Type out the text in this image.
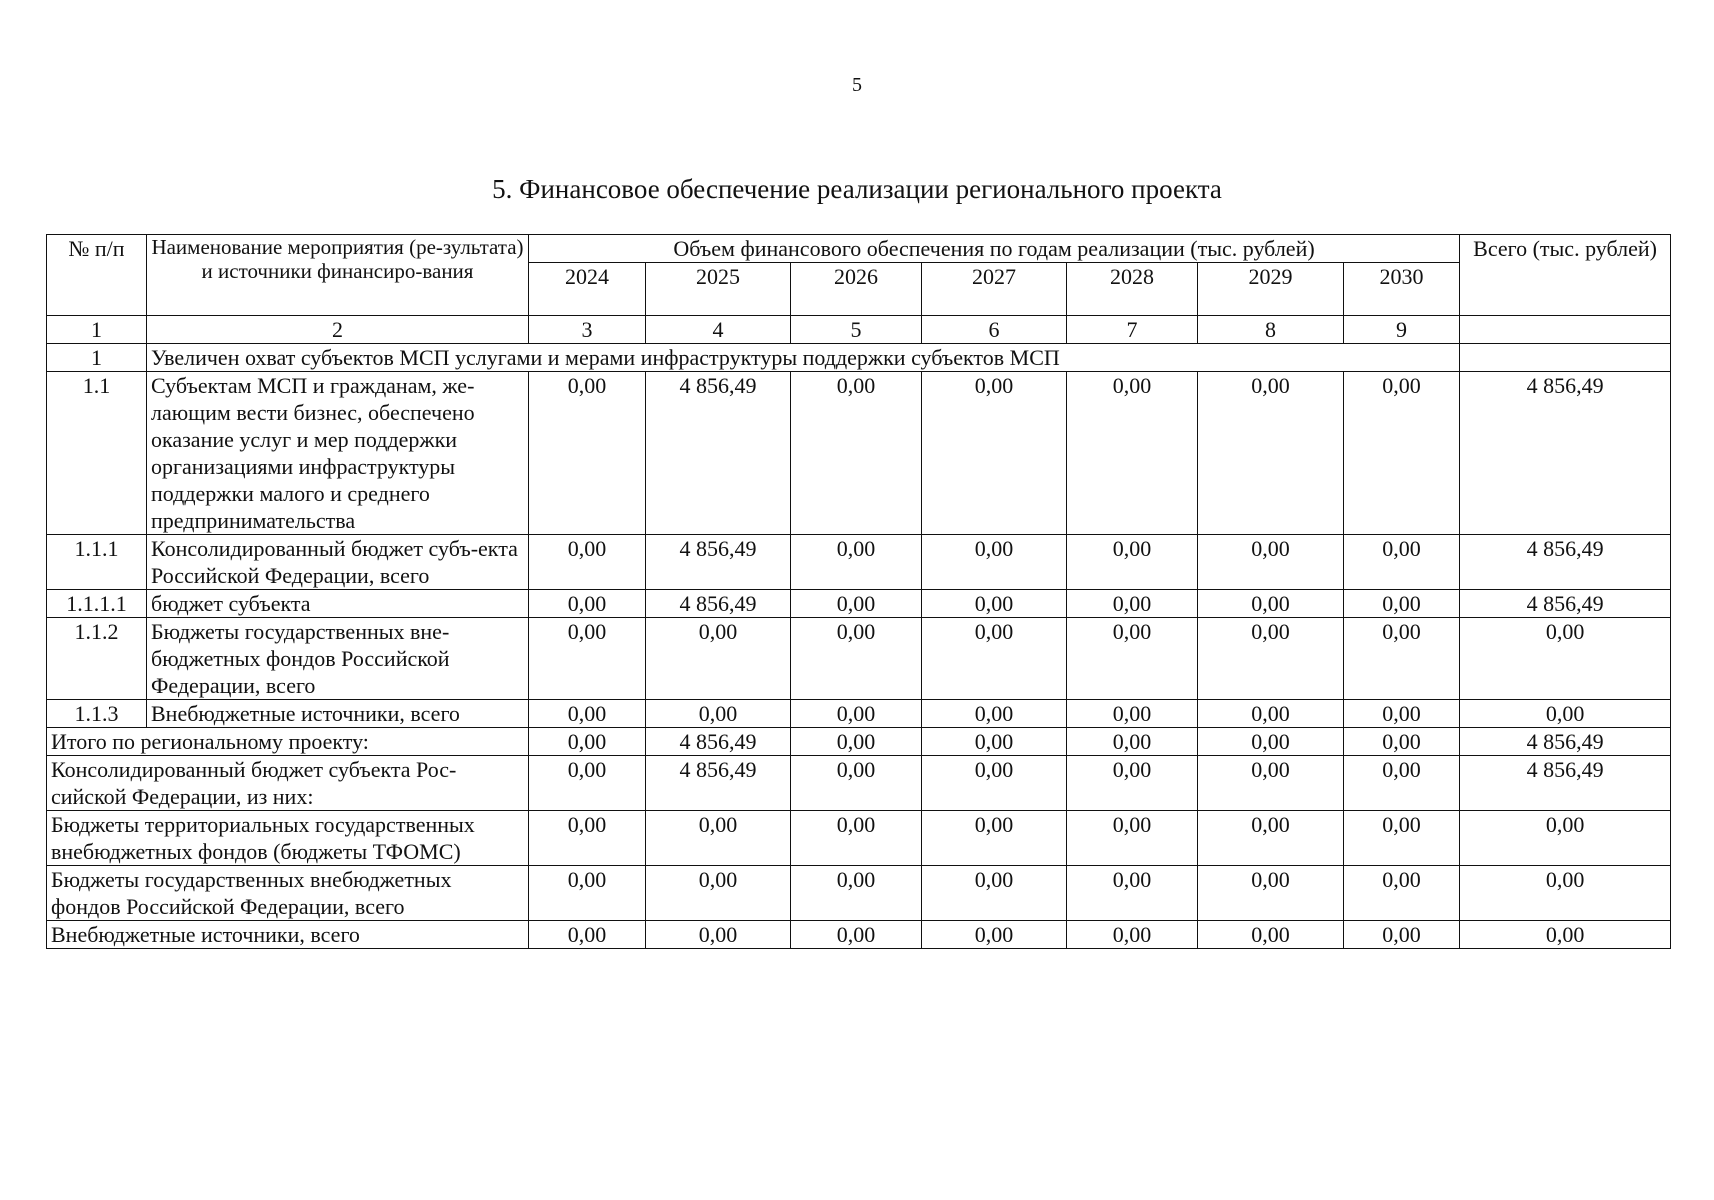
5
5. Финансовое обеспечение реализации регионального проекта
№ п/п	Наименование мероприятия (ре-зультата) и источники финансиро-вания	Объем финансового обеспечения по годам реализации (тыс. рублей)							Всего (тыс. рублей)
		2024	2025	2026	2027	2028	2029	2030	
1	2	3	4	5	6	7	8	9	
1	Увеличен охват субъектов МСП услугами и мерами инфраструктуры поддержки субъектов МСП								
1.1	Субъектам МСП и гражданам, же-лающим вести бизнес, обеспечено оказание услуг и мер поддержки организациями инфраструктуры поддержки малого и среднего предпринимательства	0,00	4 856,49	0,00	0,00	0,00	0,00	0,00	4 856,49
1.1.1	Консолидированный бюджет субъ-екта Российской Федерации, всего	0,00	4 856,49	0,00	0,00	0,00	0,00	0,00	4 856,49
1.1.1.1	бюджет субъекта	0,00	4 856,49	0,00	0,00	0,00	0,00	0,00	4 856,49
1.1.2	Бюджеты государственных вне-бюджетных фондов Российской Федерации, всего	0,00	0,00	0,00	0,00	0,00	0,00	0,00	0,00
1.1.3	Внебюджетные источники, всего	0,00	0,00	0,00	0,00	0,00	0,00	0,00	0,00
Итого по региональному проекту:		0,00	4 856,49	0,00	0,00	0,00	0,00	0,00	4 856,49
Консолидированный бюджет субъекта Рос-сийской Федерации, из них:		0,00	4 856,49	0,00	0,00	0,00	0,00	0,00	4 856,49
Бюджеты территориальных государственных внебюджетных фондов (бюджеты ТФОМС)		0,00	0,00	0,00	0,00	0,00	0,00	0,00	0,00
Бюджеты государственных внебюджетных фондов Российской Федерации, всего		0,00	0,00	0,00	0,00	0,00	0,00	0,00	0,00
Внебюджетные источники, всего		0,00	0,00	0,00	0,00	0,00	0,00	0,00	0,00
